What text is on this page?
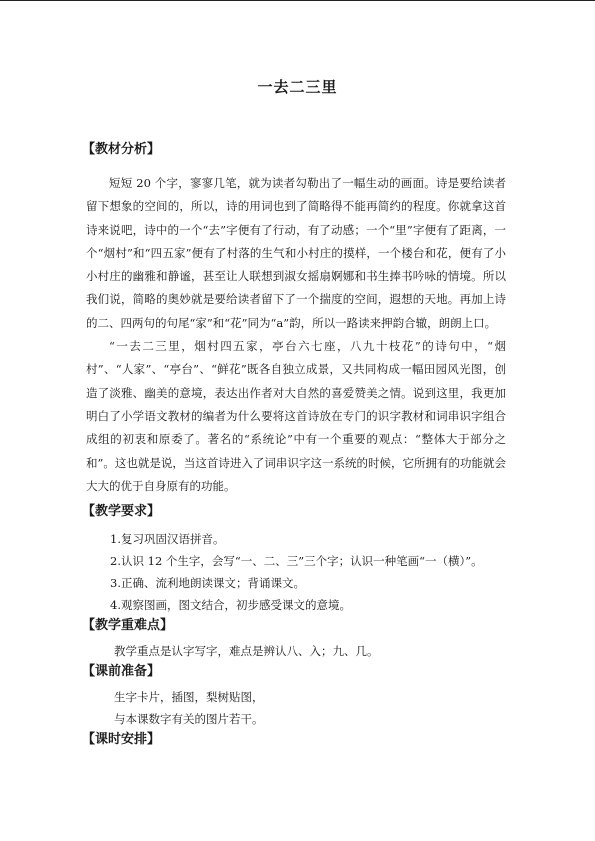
一去二三里
【教材分析】

短短 20 个字，寥寥几笔，就为读者勾勒出了一幅生动的画面。诗是要给读者留下想象的空间的，所以，诗的用词也到了简略得不能再简约的程度。你就拿这首诗来说吧，诗中的一个“去”字便有了行动，有了动感；一个“里”字便有了距离，一个“烟村”和“四五家”便有了村落的生气和小村庄的摸样，一个楼台和花，便有了小小村庄的幽雅和静谧，甚至让人联想到淑女摇扇婀娜和书生捧书吟咏的情境。所以我们说，简略的奥妙就是要给读者留下了一个揣度的空间，遐想的天地。再加上诗的二、四两句的句尾“家”和“花”同为“a”韵，所以一路读来押韵合辙，朗朗上口。

“一去二三里，烟村四五家，亭台六七座，八九十枝花”的诗句中，“烟村”、“人家”、“亭台”、“鲜花”既各自独立成景，又共同构成一幅田园风光图，创造了淡雅、幽美的意境，表达出作者对大自然的喜爱赞美之情。说到这里，我更加明白了小学语文教材的编者为什么要将这首诗放在专门的识字教材和词串识字组合成组的初衷和原委了。著名的“系统论”中有一个重要的观点：“整体大于部分之和”。这也就是说，当这首诗进入了词串识字这一系统的时候，它所拥有的功能就会大大的优于自身原有的功能。

【教学要求】

1.复习巩固汉语拼音。

2.认识 12 个生字，会写“一、二、三”三个字；认识一种笔画“一（横）”。

3.正确、流利地朗读课文；背诵课文。

4.观察图画，图文结合，初步感受课文的意境。

【教学重难点】

教学重点是认字写字，难点是辨认八、入；九、几。

【课前准备】

生字卡片，插图，梨树贴图，

与本课数字有关的图片若干。

【课时安排】
